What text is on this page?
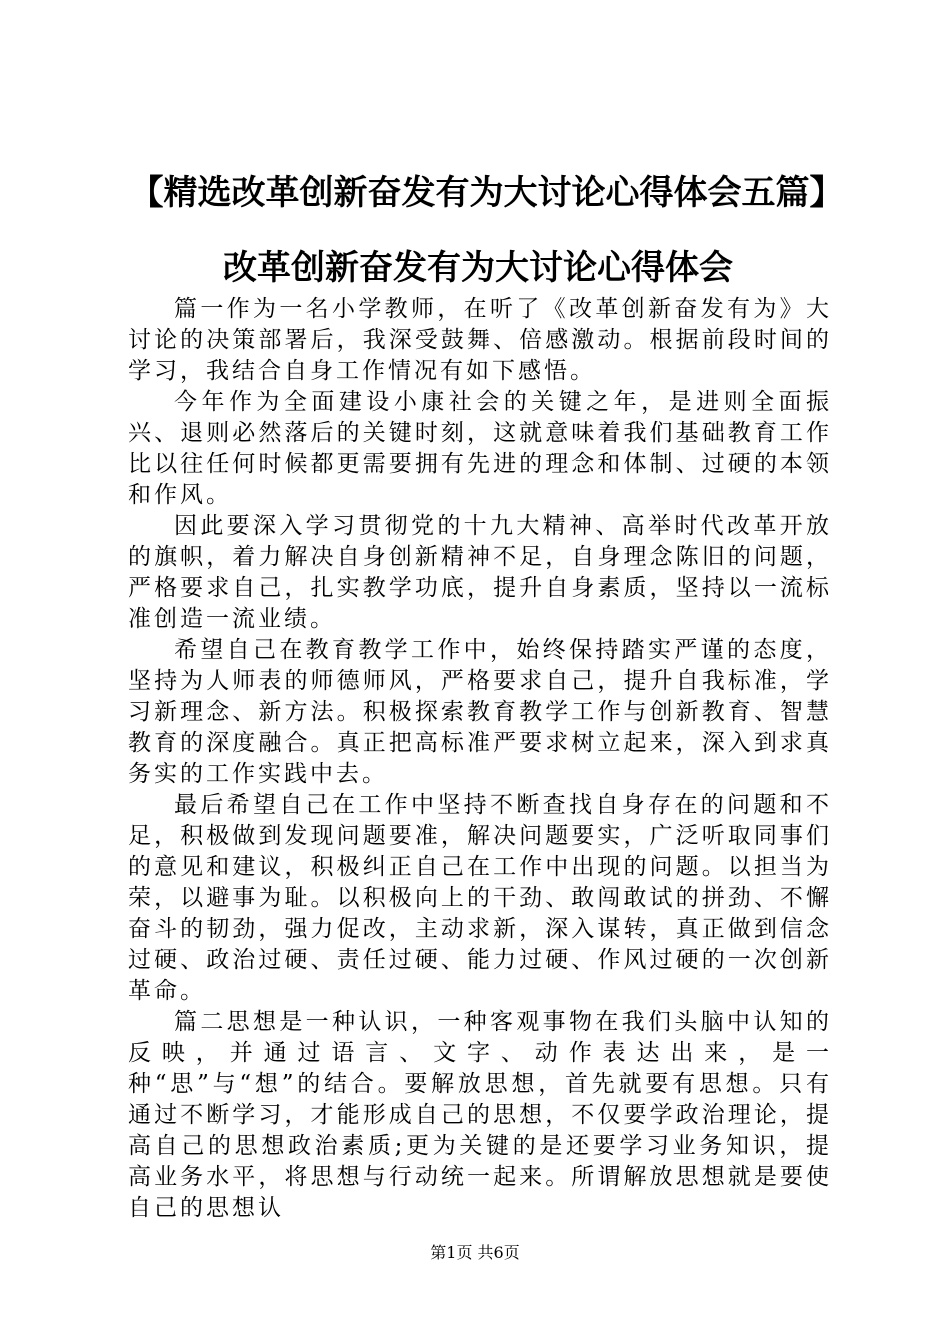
【精选改革创新奋发有为大讨论心得体会五篇】改革创新奋发有为大讨论心得体会

篇一作为一名小学教师，在听了《改革创新奋发有为》大讨论的决策部署后，我深受鼓舞、倍感激动。根据前段时间的学习，我结合自身工作情况有如下感悟。

今年作为全面建设小康社会的关键之年，是进则全面振兴、退则必然落后的关键时刻，这就意味着我们基础教育工作比以往任何时候都更需要拥有先进的理念和体制、过硬的本领和作风。

因此要深入学习贯彻党的十九大精神、高举时代改革开放的旗帜，着力解决自身创新精神不足，自身理念陈旧的问题，严格要求自己，扎实教学功底，提升自身素质，坚持以一流标准创造一流业绩。

希望自己在教育教学工作中，始终保持踏实严谨的态度，坚持为人师表的师德师风，严格要求自己，提升自我标准，学习新理念、新方法。积极探索教育教学工作与创新教育、智慧教育的深度融合。真正把高标准严要求树立起来，深入到求真务实的工作实践中去。

最后希望自己在工作中坚持不断查找自身存在的问题和不足，积极做到发现问题要准，解决问题要实，广泛听取同事们的意见和建议，积极纠正自己在工作中出现的问题。以担当为荣，以避事为耻。以积极向上的干劲、敢闯敢试的拼劲、不懈奋斗的韧劲，强力促改，主动求新，深入谋转，真正做到信念过硬、政治过硬、责任过硬、能力过硬、作风过硬的一次创新革命。

篇二思想是一种认识，一种客观事物在我们头脑中认知的反映，并通过语言、文字、动作表达出来，是一种“思”与“想”的结合。要解放思想，首先就要有思想。只有通过不断学习，才能形成自己的思想，不仅要学政治理论，提高自己的思想政治素质;更为关键的是还要学习业务知识，提高业务水平，将思想与行动统一起来。所谓解放思想就是要使自己的思想认

第1页 共6页
